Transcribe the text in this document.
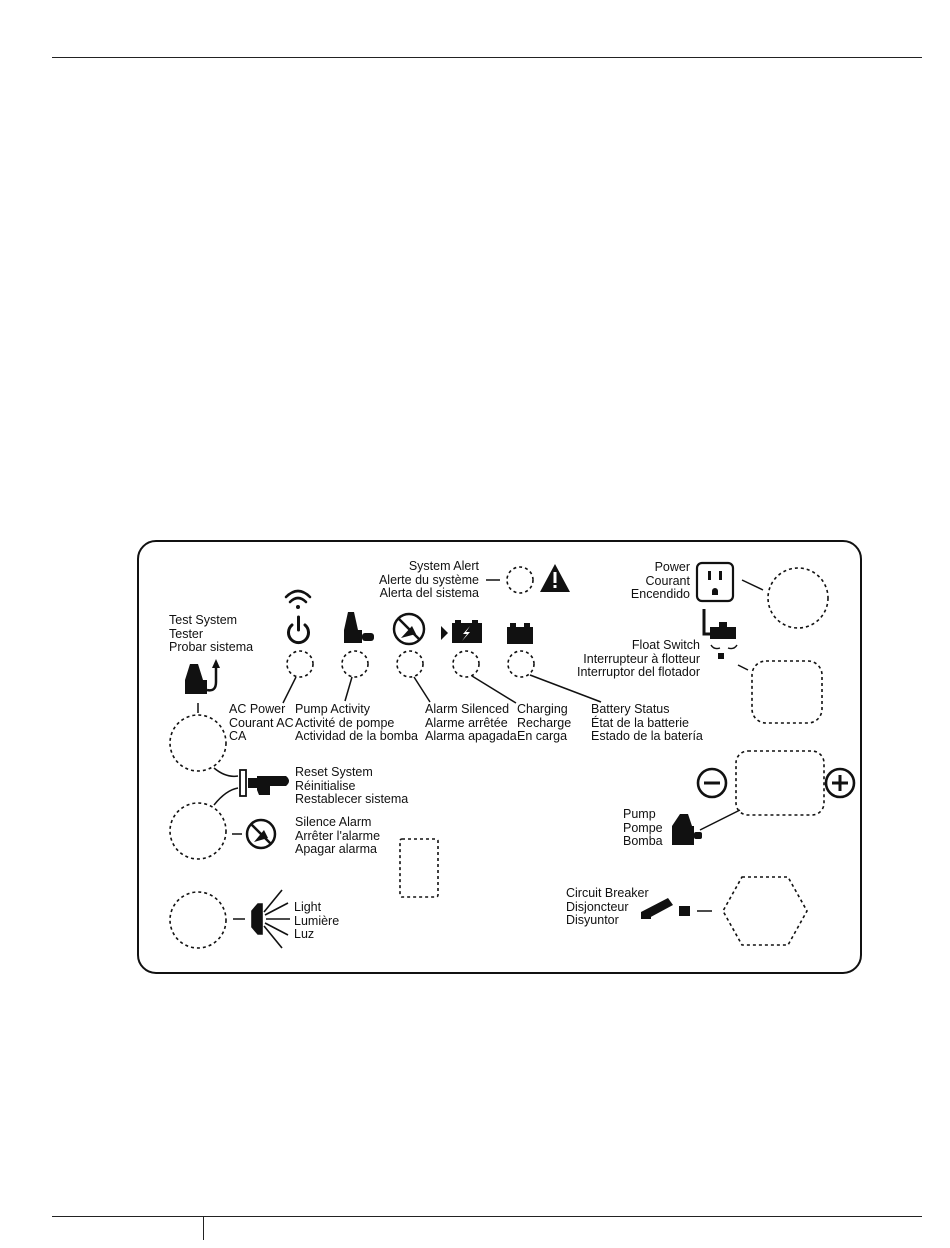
Test System
Tester
Probar sistema
AC Power
Courant AC
CA
Pump Activity
Activité de pompe
Actividad de la bomba
Alarm Silenced
Alarme arrêtée
Alarma apagada
Charging
Recharge
En carga
Battery Status
État de la batterie
Estado de la batería
System Alert
Alerte du système
Alerta del sistema
Power
Courant
Encendido
Float Switch
Interrupteur à flotteur
Interruptor del flotador
Reset System
Réinitialise
Restablecer sistema
Silence Alarm
Arrêter l'alarme
Apagar alarma
Light
Lumière
Luz
Pump
Pompe
Bomba
Circuit Breaker
Disjoncteur
Disyuntor
